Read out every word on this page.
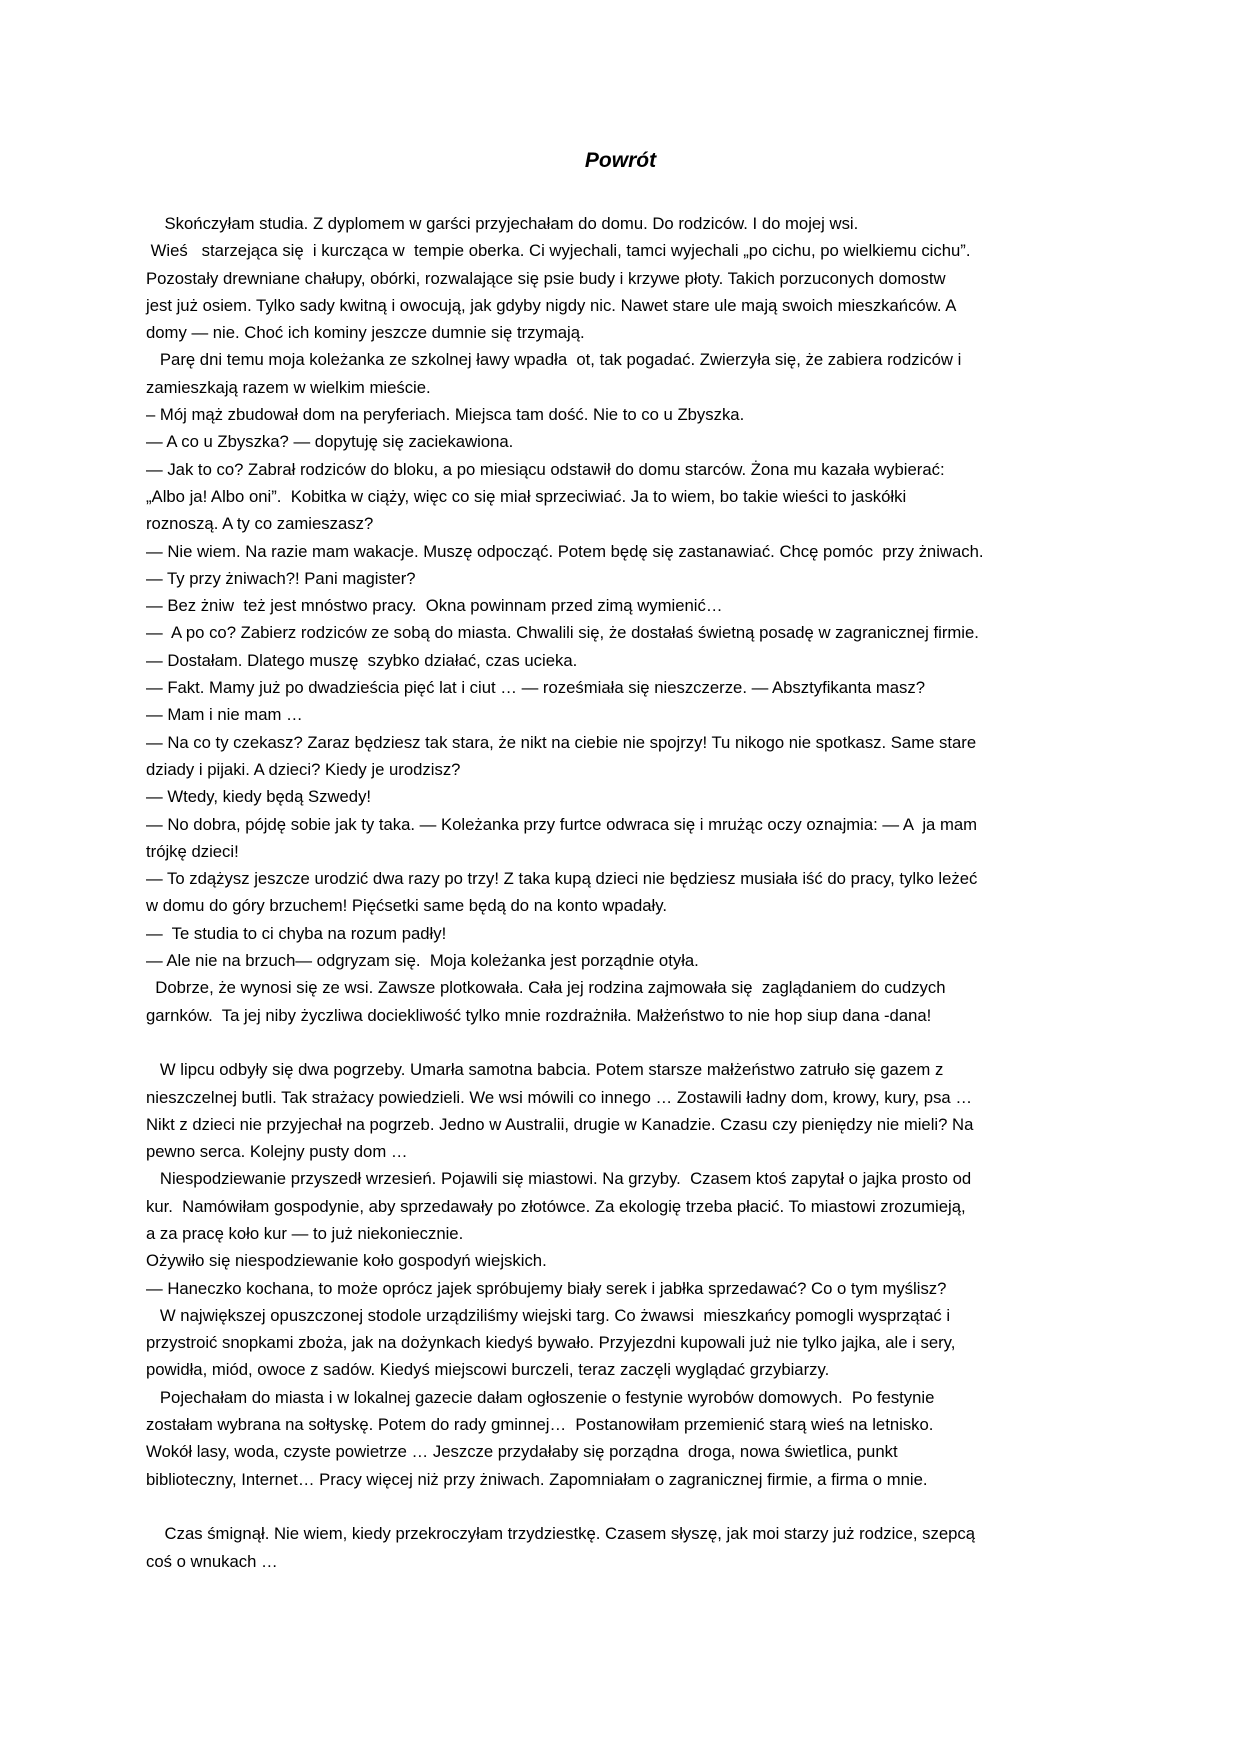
Powrót
Skończyłam studia. Z dyplomem w garści przyjechałam do domu. Do rodziców. I do mojej wsi.
Wieś   starzejąca się  i kurcząca w  tempie oberka. Ci wyjechali, tamci wyjechali „po cichu, po wielkiemu cichu”.
Pozostały drewniane chałupy, obórki, rozwalające się psie budy i krzywe płoty. Takich porzuconych domostw
jest już osiem. Tylko sady kwitną i owocują, jak gdyby nigdy nic. Nawet stare ule mają swoich mieszkańców. A
domy — nie. Choć ich kominy jeszcze dumnie się trzymają.
Parę dni temu moja koleżanka ze szkolnej ławy wpadła  ot, tak pogadać. Zwierzyła się, że zabiera rodziców i
zamieszkają razem w wielkim mieście.
– Mój mąż zbudował dom na peryferiach. Miejsca tam dość. Nie to co u Zbyszka.
— A co u Zbyszka? — dopytuję się zaciekawiona.
— Jak to co? Zabrał rodziców do bloku, a po miesiącu odstawił do domu starców. Żona mu kazała wybierać:
„Albo ja! Albo oni”.  Kobitka w ciąży, więc co się miał sprzeciwiać. Ja to wiem, bo takie wieści to jaskółki
roznoszą. A ty co zamieszasz?
— Nie wiem. Na razie mam wakacje. Muszę odpocząć. Potem będę się zastanawiać. Chcę pomóc  przy żniwach.
— Ty przy żniwach?! Pani magister?
— Bez żniw  też jest mnóstwo pracy.  Okna powinnam przed zimą wymienić…
—  A po co? Zabierz rodziców ze sobą do miasta. Chwalili się, że dostałaś świetną posadę w zagranicznej firmie.
— Dostałam. Dlatego muszę  szybko działać, czas ucieka.
— Fakt. Mamy już po dwadzieścia pięć lat i ciut … — roześmiała się nieszczerze. — Absztyfikanta masz?
— Mam i nie mam …
— Na co ty czekasz? Zaraz będziesz tak stara, że nikt na ciebie nie spojrzy! Tu nikogo nie spotkasz. Same stare
dziady i pijaki. A dzieci? Kiedy je urodzisz?
— Wtedy, kiedy będą Szwedy!
— No dobra, pójdę sobie jak ty taka. — Koleżanka przy furtce odwraca się i mrużąc oczy oznajmia: — A  ja mam
trójkę dzieci!
— To zdążysz jeszcze urodzić dwa razy po trzy! Z taka kupą dzieci nie będziesz musiała iść do pracy, tylko leżeć
w domu do góry brzuchem! Pięćsetki same będą do na konto wpadały.
—  Te studia to ci chyba na rozum padły!
— Ale nie na brzuch— odgryzam się.  Moja koleżanka jest porządnie otyła.
Dobrze, że wynosi się ze wsi. Zawsze plotkowała. Cała jej rodzina zajmowała się  zaglądaniem do cudzych
garnków.  Ta jej niby życzliwa dociekliwość tylko mnie rozdrażniła. Małżeństwo to nie hop siup dana -dana!
W lipcu odbyły się dwa pogrzeby. Umarła samotna babcia. Potem starsze małżeństwo zatruło się gazem z
nieszczelnej butli. Tak strażacy powiedzieli. We wsi mówili co innego … Zostawili ładny dom, krowy, kury, psa …
Nikt z dzieci nie przyjechał na pogrzeb. Jedno w Australii, drugie w Kanadzie. Czasu czy pieniędzy nie mieli? Na
pewno serca. Kolejny pusty dom …
Niespodziewanie przyszedł wrzesień. Pojawili się miastowi. Na grzyby.  Czasem ktoś zapytał o jajka prosto od
kur.  Namówiłam gospodynie, aby sprzedawały po złotówce. Za ekologię trzeba płacić. To miastowi zrozumieją,
a za pracę koło kur — to już niekoniecznie.
Ożywiło się niespodziewanie koło gospodyń wiejskich.
— Haneczko kochana, to może oprócz jajek spróbujemy biały serek i jabłka sprzedawać? Co o tym myślisz?
W największej opuszczonej stodole urządziliśmy wiejski targ. Co żwawsi  mieszkańcy pomogli wysprzątać i
przystroić snopkami zboża, jak na dożynkach kiedyś bywało. Przyjezdni kupowali już nie tylko jajka, ale i sery,
powidła, miód, owoce z sadów. Kiedyś miejscowi burczeli, teraz zaczęli wyglądać grzybiarzy.
Pojechałam do miasta i w lokalnej gazecie dałam ogłoszenie o festynie wyrobów domowych.  Po festynie
zostałam wybrana na sołtyskę. Potem do rady gminnej…  Postanowiłam przemienić starą wieś na letnisko.
Wokół lasy, woda, czyste powietrze … Jeszcze przydałaby się porządna  droga, nowa świetlica, punkt
biblioteczny, Internet… Pracy więcej niż przy żniwach. Zapomniałam o zagranicznej firmie, a firma o mnie.
Czas śmignął. Nie wiem, kiedy przekroczyłam trzydziestkę. Czasem słyszę, jak moi starzy już rodzice, szepcą
coś o wnukach …
